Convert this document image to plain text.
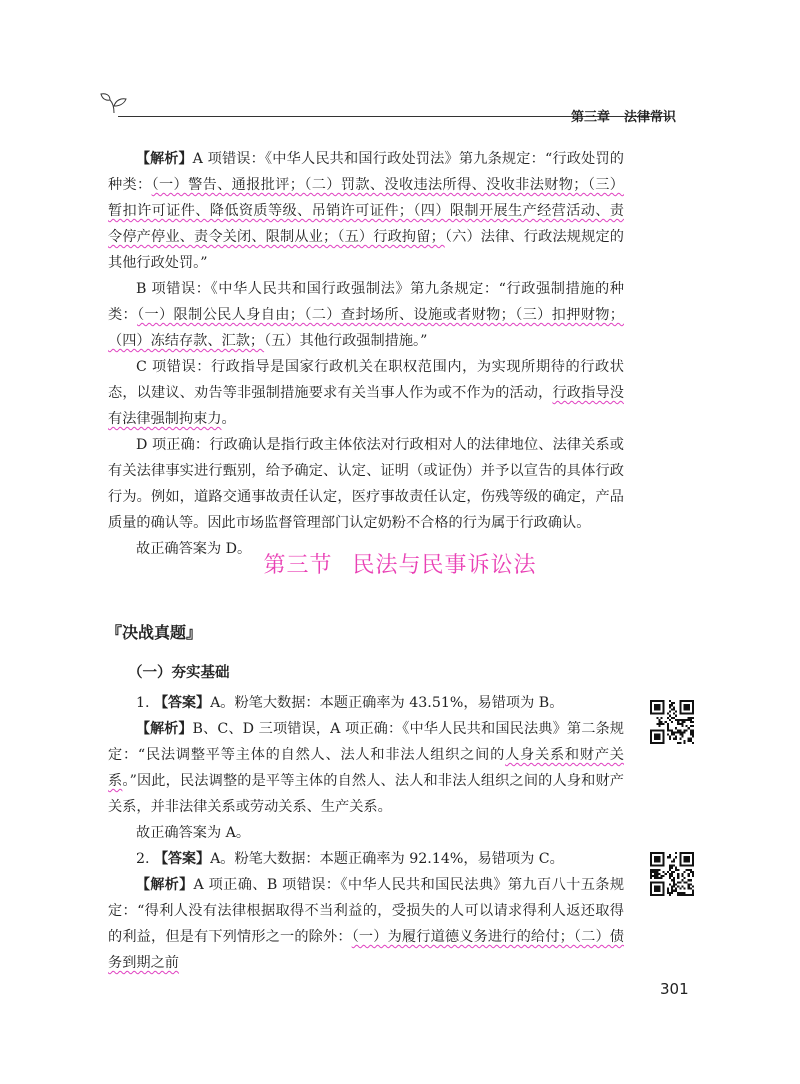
第三章 法律常识

【解析】A 项错误：《中华人民共和国行政处罚法》第九条规定：“行政处罚的种类：（一）警告、通报批评；（二）罚款、没收违法所得、没收非法财物；（三）暂扣许可证件、降低资质等级、吊销许可证件；（四）限制开展生产经营活动、责令停产停业、责令关闭、限制从业；（五）行政拘留；（六）法律、行政法规规定的其他行政处罚。”

B 项错误：《中华人民共和国行政强制法》第九条规定：“行政强制措施的种类：（一）限制公民人身自由；（二）查封场所、设施或者财物；（三）扣押财物；（四）冻结存款、汇款；（五）其他行政强制措施。”

C 项错误：行政指导是国家行政机关在职权范围内，为实现所期待的行政状态，以建议、劝告等非强制措施要求有关当事人作为或不作为的活动，行政指导没有法律强制拘束力。

D 项正确：行政确认是指行政主体依法对行政相对人的法律地位、法律关系或有关法律事实进行甄别，给予确定、认定、证明（或证伪）并予以宣告的具体行政行为。例如，道路交通事故责任认定，医疗事故责任认定，伤残等级的确定，产品质量的确认等。因此市场监督管理部门认定奶粉不合格的行为属于行政确认。

故正确答案为 D。

第三节 民法与民事诉讼法
『决战真题』
（一）夯实基础

1. 【答案】A。粉笔大数据：本题正确率为 43.51%，易错项为 B。

【解析】B、C、D 三项错误，A 项正确：《中华人民共和国民法典》第二条规定：“民法调整平等主体的自然人、法人和非法人组织之间的人身关系和财产关系。”因此，民法调整的是平等主体的自然人、法人和非法人组织之间的人身和财产关系，并非法律关系或劳动关系、生产关系。

故正确答案为 A。

2. 【答案】A。粉笔大数据：本题正确率为 92.14%，易错项为 C。

【解析】A 项正确、B 项错误：《中华人民共和国民法典》第九百八十五条规定：“得利人没有法律根据取得不当利益的，受损失的人可以请求得利人返还取得的利益，但是有下列情形之一的除外：（一）为履行道德义务进行的给付；（二）债务到期之前

301
